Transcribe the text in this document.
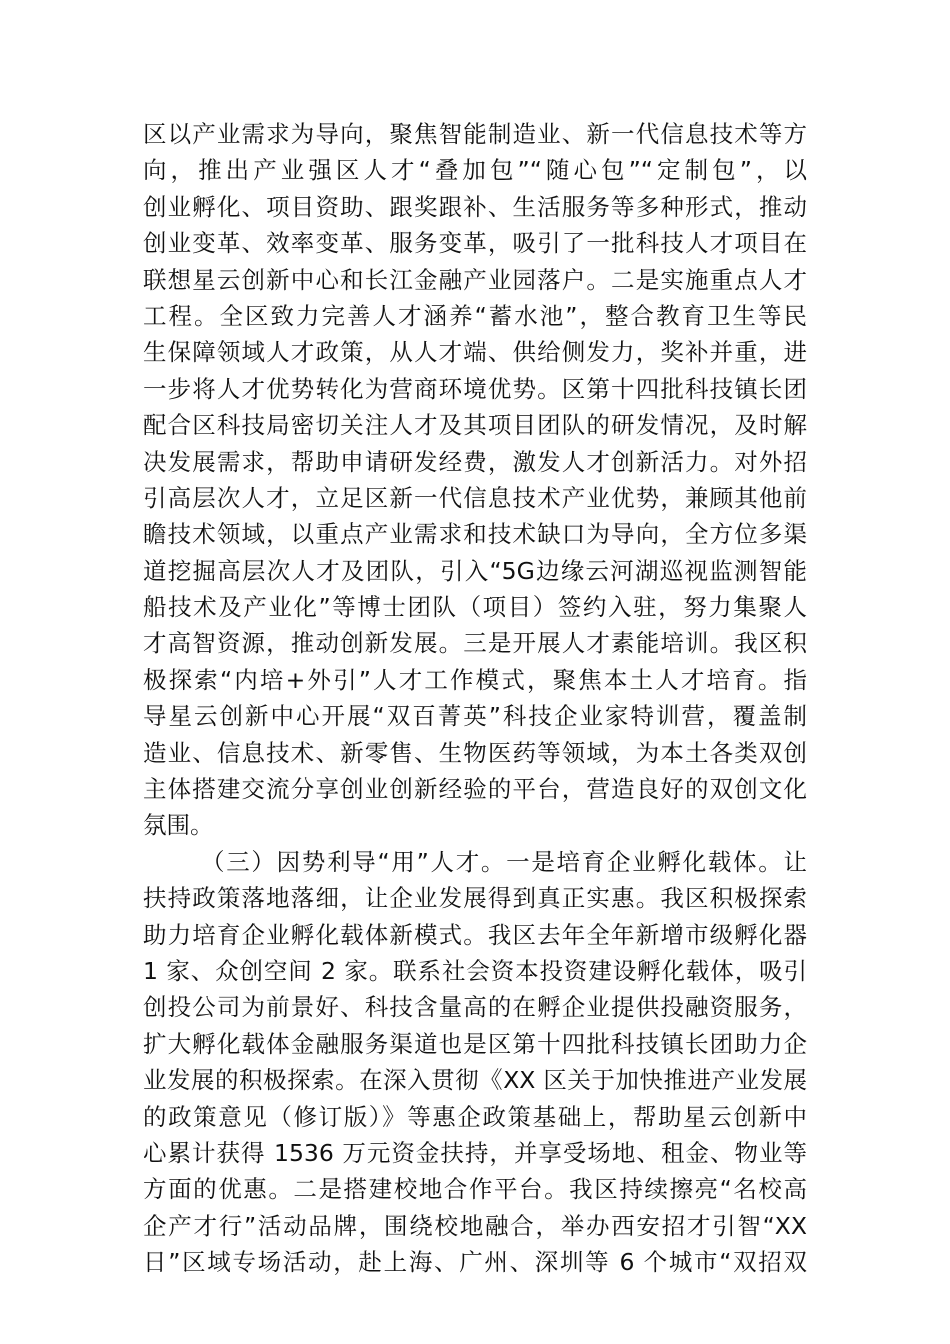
区以产业需求为导向，聚焦智能制造业、新一代信息技术等方
向，推出产业强区人才“叠加包”“随心包”“定制包”，以
创业孵化、项目资助、跟奖跟补、生活服务等多种形式，推动
创业变革、效率变革、服务变革，吸引了一批科技人才项目在
联想星云创新中心和长江金融产业园落户。二是实施重点人才
工程。全区致力完善人才涵养“蓄水池”，整合教育卫生等民
生保障领域人才政策，从人才端、供给侧发力，奖补并重，进
一步将人才优势转化为营商环境优势。区第十四批科技镇长团
配合区科技局密切关注人才及其项目团队的研发情况，及时解
决发展需求，帮助申请研发经费，激发人才创新活力。对外招
引高层次人才，立足区新一代信息技术产业优势，兼顾其他前
瞻技术领域，以重点产业需求和技术缺口为导向，全方位多渠
道挖掘高层次人才及团队，引入“5G边缘云河湖巡视监测智能
船技术及产业化”等博士团队（项目）签约入驻，努力集聚人
才高智资源，推动创新发展。三是开展人才素能培训。我区积
极探索“内培+外引”人才工作模式，聚焦本土人才培育。指
导星云创新中心开展“双百菁英”科技企业家特训营，覆盖制
造业、信息技术、新零售、生物医药等领域，为本土各类双创
主体搭建交流分享创业创新经验的平台，营造良好的双创文化
氛围。
（三）因势利导“用”人才。一是培育企业孵化载体。让
扶持政策落地落细，让企业发展得到真正实惠。我区积极探索
助力培育企业孵化载体新模式。我区去年全年新增市级孵化器
1 家、众创空间 2 家。联系社会资本投资建设孵化载体，吸引
创投公司为前景好、科技含量高的在孵企业提供投融资服务，
扩大孵化载体金融服务渠道也是区第十四批科技镇长团助力企
业发展的积极探索。在深入贯彻《XX 区关于加快推进产业发展
的政策意见（修订版）》等惠企政策基础上，帮助星云创新中
心累计获得 1536 万元资金扶持，并享受场地、租金、物业等
方面的优惠。二是搭建校地合作平台。我区持续擦亮“名校高
企产才行”活动品牌，围绕校地融合，举办西安招才引智“XX
日”区域专场活动，赴上海、广州、深圳等 6 个城市“双招双
